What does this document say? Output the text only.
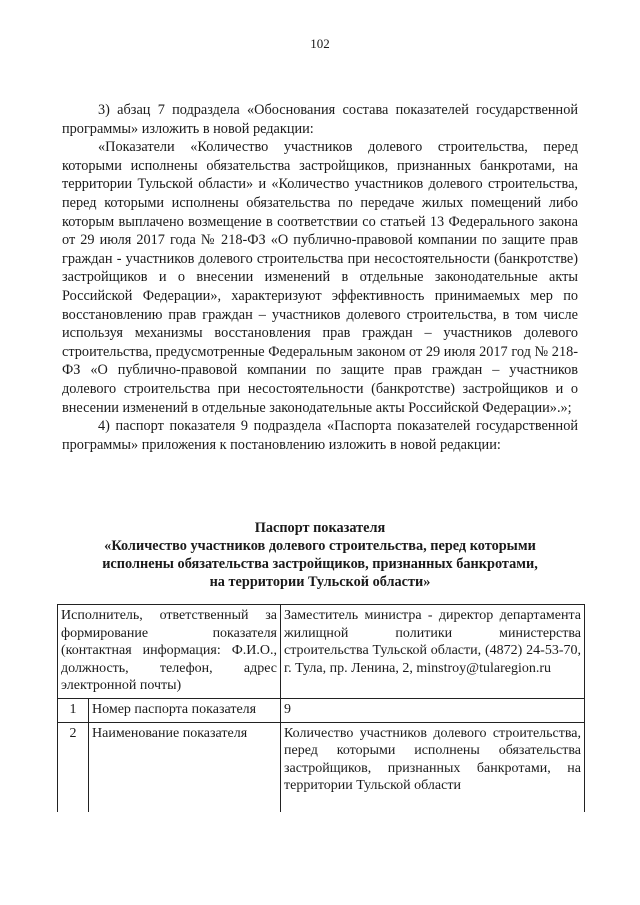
102

3) абзац 7 подраздела «Обоснования состава показателей государственной программы» изложить в новой редакции:

«Показатели «Количество участников долевого строительства, перед которыми исполнены обязательства застройщиков, признанных банкротами, на территории Тульской области» и «Количество участников долевого строительства, перед которыми исполнены обязательства по передаче жилых помещений либо которым выплачено возмещение в соответствии со статьей 13 Федерального закона от 29 июля 2017 года № 218-ФЗ «О публично-правовой компании по защите прав граждан - участников долевого строительства при несостоятельности (банкротстве) застройщиков и о внесении изменений в отдельные законодательные акты Российской Федерации», характеризуют эффективность принимаемых мер по восстановлению прав граждан – участников долевого строительства, в том числе используя механизмы восстановления прав граждан – участников долевого строительства, предусмотренные Федеральным законом от 29 июля 2017 год № 218-ФЗ «О публично-правовой компании по защите прав граждан – участников долевого строительства при несостоятельности (банкротстве) застройщиков и о внесении изменений в отдельные законодательные акты Российской Федерации».»;

4) паспорт показателя 9 подраздела «Паспорта показателей государственной программы» приложения к постановлению изложить в новой редакции:

Паспорт показателя
«Количество участников долевого строительства, перед которыми
исполнены обязательства застройщиков, признанных банкротами,
на территории Тульской области»
Исполнитель, ответственный за формирование показателя (контактная информация: Ф.И.О., должность, телефон, адрес электронной почты)		Заместитель министра - директор департамента жилищной политики министерства строительства Тульской области, (4872) 24-53-70, г. Тула, пр. Ленина, 2, minstroy@tularegion.ru
1	Номер паспорта показателя	9
2	Наименование показателя	Количество участников долевого строительства, перед которыми исполнены обязательства застройщиков, признанных банкротами, на территории Тульской области
